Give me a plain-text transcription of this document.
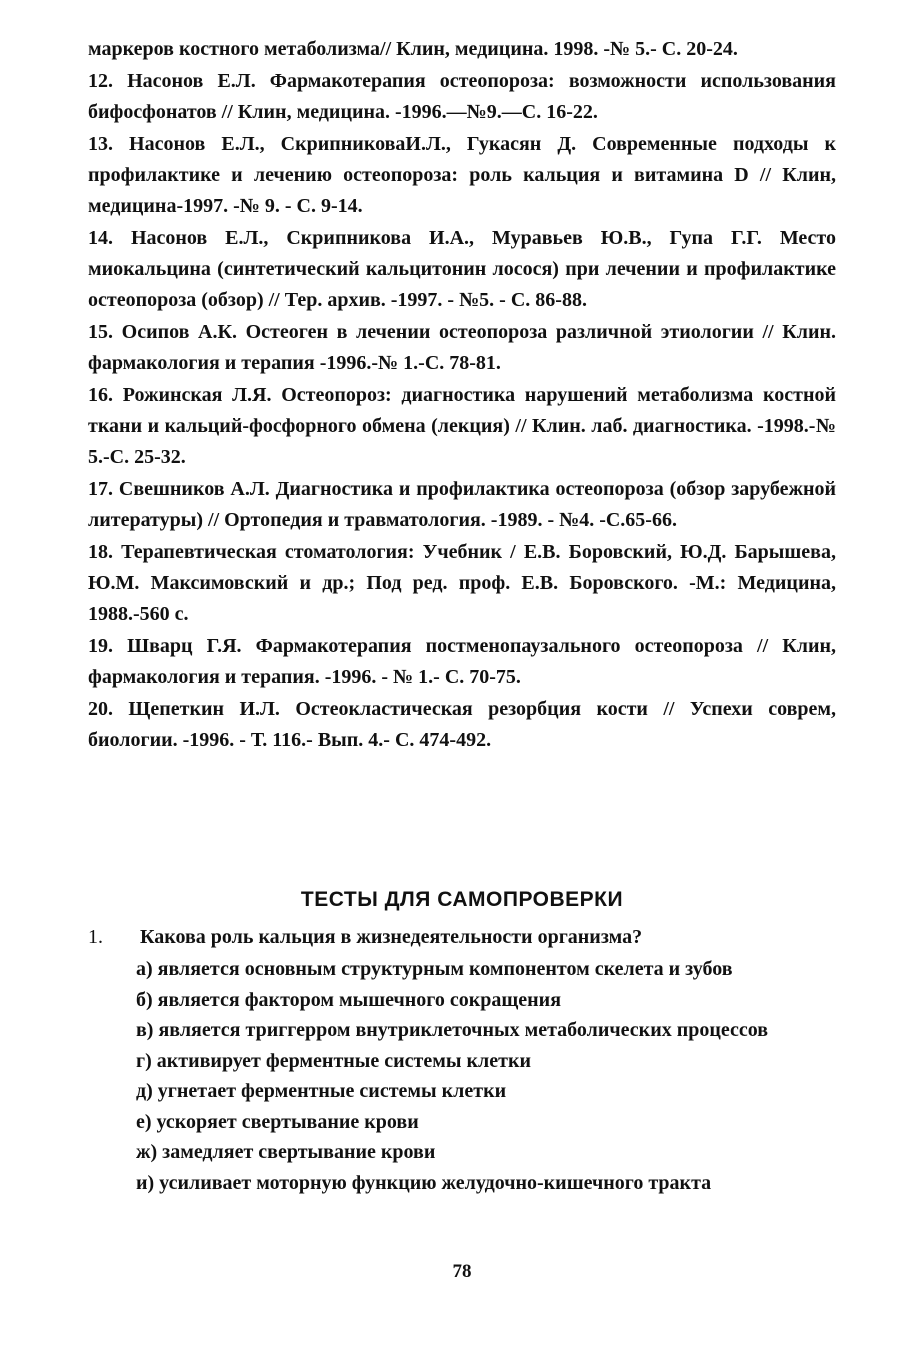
маркеров костного метаболизма// Клин, медицина. 1998. -№ 5.- С. 20-24.

12. Насонов Е.Л. Фармакотерапия остеопороза: возможности использования бифосфонатов // Клин, медицина. -1996.—№9.—С. 16-22.

13. Насонов Е.Л., СкрипниковаИ.Л., Гукасян Д. Современные подходы к профилактике и лечению остеопороза: роль кальция и витамина D // Клин, медицина-1997. -№ 9. - С. 9-14.

14. Насонов Е.Л., Скрипникова И.А., Муравьев Ю.В., Гупа Г.Г. Место миокальцина (синтетический кальцитонин лосося) при лечении и профилактике остеопороза (обзор) // Тер. архив. -1997. - №5. - С. 86-88.

15. Осипов А.К. Остеоген в лечении остеопороза различной этиологии // Клин. фармакология и терапия -1996.-№ 1.-С. 78-81.

16. Рожинская Л.Я. Остеопороз: диагностика нарушений метаболизма костной ткани и кальций-фосфорного обмена (лекция) // Клин. лаб. диагностика. -1998.-№ 5.-С. 25-32.

17. Свешников А.Л. Диагностика и профилактика остеопороза (обзор зарубежной литературы) // Ортопедия и травматология. -1989. - №4. -С.65-66.

18. Терапевтическая стоматология: Учебник / Е.В. Боровский, Ю.Д. Барышева, Ю.М. Максимовский и др.; Под ред. проф. Е.В. Боровского. -М.: Медицина, 1988.-560 с.

19. Шварц Г.Я. Фармакотерапия постменопаузального остеопороза // Клин, фармакология и терапия. -1996. - № 1.- С. 70-75.

20. Щепеткин И.Л. Остеокластическая резорбция кости // Успехи соврем, биологии. -1996. - Т. 116.- Вып. 4.- С. 474-492.

ТЕСТЫ ДЛЯ САМОПРОВЕРКИ
1. Какова роль кальция в жизнедеятельности организма?
а) является основным структурным компонентом скелета и зубов
б) является фактором мышечного сокращения
в) является триггерром внутриклеточных метаболических процессов
г) активирует ферментные системы клетки
д) угнетает ферментные системы клетки
е) ускоряет свертывание крови
ж) замедляет свертывание крови
и) усиливает моторную функцию желудочно-кишечного тракта
78
